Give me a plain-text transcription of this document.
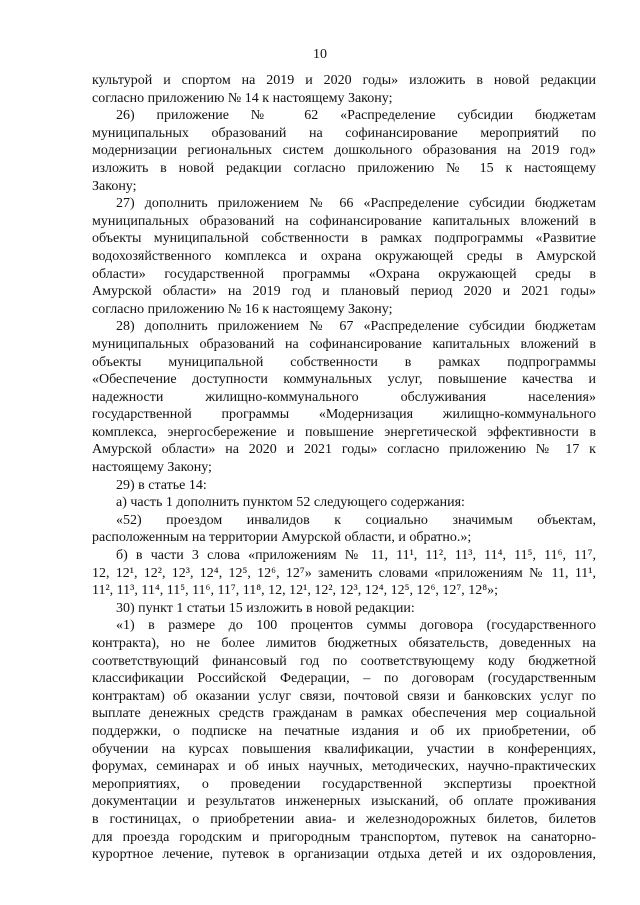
10
культурой и спортом на 2019 и 2020 годы» изложить в новой редакции
согласно приложению № 14 к настоящему Закону;
26) приложение № 62 «Распределение субсидии бюджетам
муниципальных образований на софинансирование мероприятий по
модернизации региональных систем дошкольного образования на 2019 год»
изложить в новой редакции согласно приложению № 15 к настоящему
Закону;
27) дополнить приложением № 66 «Распределение субсидии бюджетам
муниципальных образований на софинансирование капитальных вложений в
объекты муниципальной собственности в рамках подпрограммы «Развитие
водохозяйственного комплекса и охрана окружающей среды в Амурской
области» государственной программы «Охрана окружающей среды в
Амурской области» на 2019 год и плановый период 2020 и 2021 годы»
согласно приложению № 16 к настоящему Закону;
28) дополнить приложением № 67 «Распределение субсидии бюджетам
муниципальных образований на софинансирование капитальных вложений в
объекты муниципальной собственности в рамках подпрограммы
«Обеспечение доступности коммунальных услуг, повышение качества и
надежности жилищно-коммунального обслуживания населения»
государственной программы «Модернизация жилищно-коммунального
комплекса, энергосбережение и повышение энергетической эффективности в
Амурской области» на 2020 и 2021 годы» согласно приложению № 17 к
настоящему Закону;
29) в статье 14:
а) часть 1 дополнить пунктом 52 следующего содержания:
«52) проездом инвалидов к социально значимым объектам,
расположенным на территории Амурской области, и обратно.»;
б) в части 3 слова «приложениям № 11, 11¹, 11², 11³, 11⁴, 11⁵, 11⁶, 11⁷,
12, 12¹, 12², 12³, 12⁴, 12⁵, 12⁶, 12⁷» заменить словами «приложениям № 11, 11¹,
11², 11³, 11⁴, 11⁵, 11⁶, 11⁷, 11⁸, 12, 12¹, 12², 12³, 12⁴, 12⁵, 12⁶, 12⁷, 12⁸»;
30) пункт 1 статьи 15 изложить в новой редакции:
«1) в размере до 100 процентов суммы договора (государственного
контракта), но не более лимитов бюджетных обязательств, доведенных на
соответствующий финансовый год по соответствующему коду бюджетной
классификации Российской Федерации, – по договорам (государственным
контрактам) об оказании услуг связи, почтовой связи и банковских услуг по
выплате денежных средств гражданам в рамках обеспечения мер социальной
поддержки, о подписке на печатные издания и об их приобретении, об
обучении на курсах повышения квалификации, участии в конференциях,
форумах, семинарах и об иных научных, методических, научно-практических
мероприятиях, о проведении государственной экспертизы проектной
документации и результатов инженерных изысканий, об оплате проживания
в гостиницах, о приобретении авиа- и железнодорожных билетов, билетов
для проезда городским и пригородным транспортом, путевок на санаторно-
курортное лечение, путевок в организации отдыха детей и их оздоровления,
